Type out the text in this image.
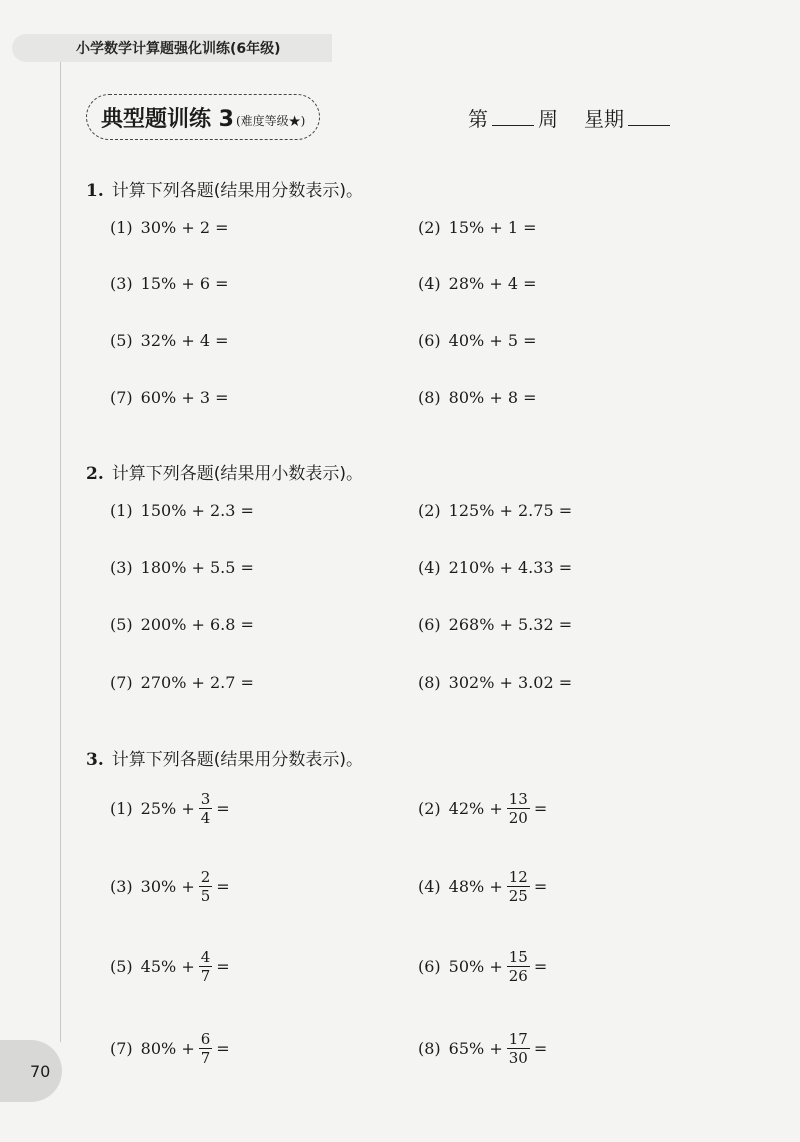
小学数学计算题强化训练(6年级)
典型题训练 3 (难度等级★)	第	周 星期
1. 计算下列各题(结果用分数表示)。
(1) 30% + 2 =	(2) 15% + 1 =
(3) 15% + 6 =	(4) 28% + 4 =
(5) 32% + 4 =	(6) 40% + 5 =
(7) 60% + 3 =	(8) 80% + 8 =
2. 计算下列各题(结果用小数表示)。
(1) 150% + 2.3 =	(2) 125% + 2.75 =
(3) 180% + 5.5 =	(4) 210% + 4.33 =
(5) 200% + 6.8 =	(6) 268% + 5.32 =
(7) 270% + 2.7 =	(8) 302% + 3.02 =
3. 计算下列各题(结果用分数表示)。
(1) $25\% + \frac{3}{4}$ =	(2) $42\% + \frac{13}{20}$ =
(3) $30\% + \frac{2}{5}$ =	(4) $48\% + \frac{12}{25}$ =
(5) $45\% + \frac{4}{7}$ =	(6) $50\% + \frac{15}{26}$ =
(7) $80\% + \frac{6}{7}$ =	(8) $65\% + \frac{17}{30}$ =
70
